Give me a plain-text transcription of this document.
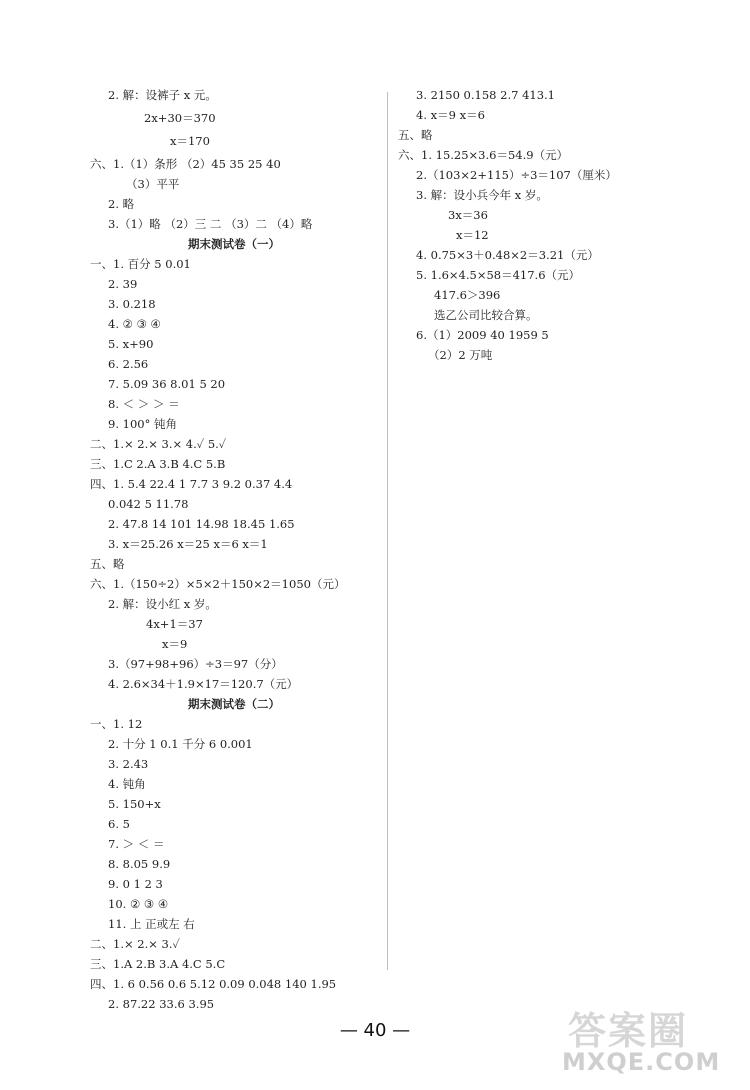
2. 解：设裤子 x 元。
2x+30＝370
x＝170
六、1.（1）条形 （2）45 35 25 40
（3）平平
2. 略
3.（1）略 （2）三 二 （3）二 （4）略
期末测试卷（一）
一、1. 百分 5 0.01
2. 39
3. 0.218
4. ② ③ ④
5. x+90
6. 2.56
7. 5.09 36 8.01 5 20
8. ＜ ＞ ＞ ＝
9. 100° 钝角
二、1.× 2.× 3.× 4.✓ 5.✓
三、1.C 2.A 3.B 4.C 5.B
四、1. 5.4 22.4 1 7.7 3 9.2 0.37 4.4
0.042 5 11.78
2. 47.8 14 101 14.98 18.45 1.65
3. x＝25.26 x＝25 x＝6 x＝1
五、略
六、1.（150÷2）×5×2＋150×2＝1050（元）
2. 解：设小红 x 岁。
4x+1＝37
x＝9
3.（97+98+96）÷3＝97（分）
4. 2.6×34＋1.9×17＝120.7（元）
期末测试卷（二）
一、1. 12
2. 十分 1 0.1 千分 6 0.001
3. 2.43
4. 钝角
5. 150+x
6. 5
7. ＞ ＜ ＝
8. 8.05 9.9
9. 0 1 2 3
10. ② ③ ④
11. 上 正或左 右
二、1.× 2.× 3.✓
三、1.A 2.B 3.A 4.C 5.C
四、1. 6 0.56 0.6 5.12 0.09 0.048 140 1.95
2. 87.22 33.6 3.95
3. 2150 0.158 2.7 413.1
4. x＝9 x＝6
五、略
六、1. 15.25×3.6＝54.9（元）
2.（103×2+115）÷3＝107（厘米）
3. 解：设小兵今年 x 岁。
3x＝36
x＝12
4. 0.75×3＋0.48×2＝3.21（元）
5. 1.6×4.5×58＝417.6（元）
417.6＞396
选乙公司比较合算。
6.（1）2009 40 1959 5
（2）2 万吨
— 40 —	答案圈
MXQE.COM
